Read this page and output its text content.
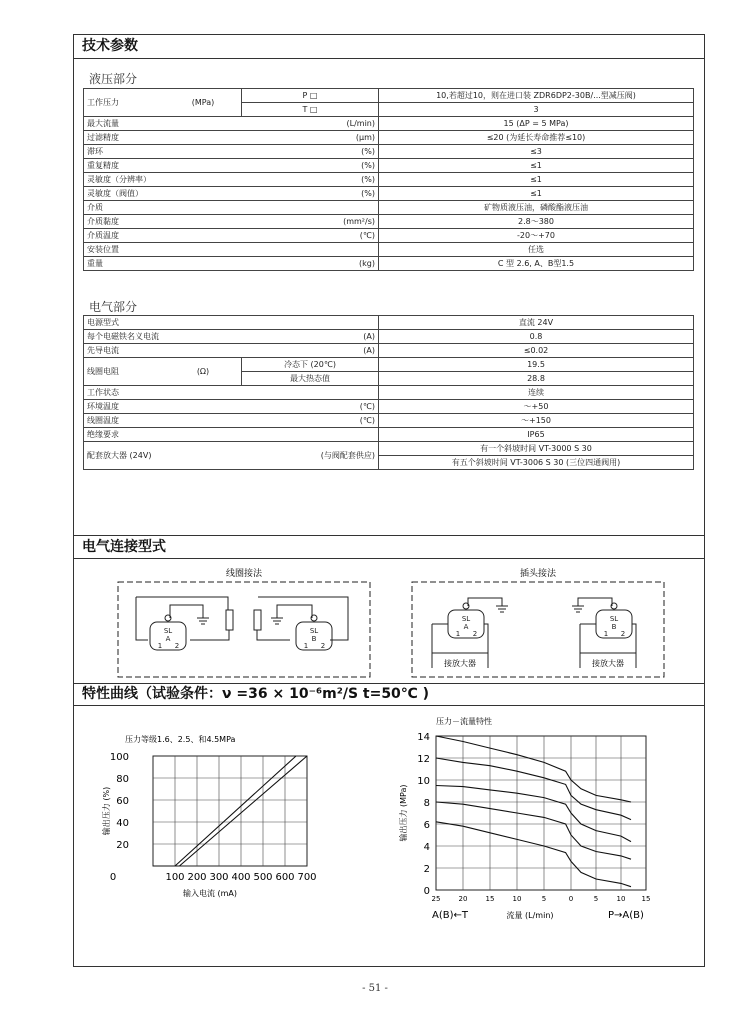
技术参数
液压部分
工作压力	(MPa)	P □	10,若超过10，则在进口装 ZDR6DP2-30B/...型减压阀)
		T □	3
最大流量		(L/min)	15 (ΔP = 5 MPa)
过滤精度		(μm)	≤20 (为延长寿命推荐≤10)
滞环		(%)	≤3
重复精度		(%)	≤1
灵敏度（分辨率）		(%)	≤1
灵敏度（阀值）		(%)	≤1
介质			矿物质液压油，磷酸酯液压油
介质黏度		(mm²/s)	2.8～380
介质温度		(℃)	-20～+70
安装位置			任选
重量		(kg)	C 型 2.6, A、B型1.5
电气部分
电源型式			直流 24V
每个电磁铁名义电流		(A)	0.8
先导电流		(A)	≤0.02
线圈电阻	(Ω)	冷态下 (20℃)	19.5
		最大热态值	28.8
工作状态			连续
环境温度		(℃)	～+50
线圈温度		(℃)	～+150
绝缘要求			IP65
配套放大器 (24V)	(与阀配套供应)		有一个斜坡时间 VT-3000 S 30
			有五个斜坡时间 VT-3006 S 30 (三位四通阀用)
电气连接型式
线圈接法	插头接法
SL
A
1 2
SL
B
1 2
SL
A
1 2
SL
B
1 2
接放大器	接放大器
特性曲线（试验条件：ν =36 × 10⁻⁶m²/S t=50℃ )
压力等级1.6、2.5、和4.5MPa
0	100 200 300 400 500 600 700
20
40
60
80
100
输入电流 (mA)
输出压力 (%)
压力－流量特性
25	20	15	10	5	0	5	10 15
0
2
4
6
8
10
12
14
A(B)←T	流量 (L/min)	P→A(B)
输出压力 (MPa)
- 51 -
